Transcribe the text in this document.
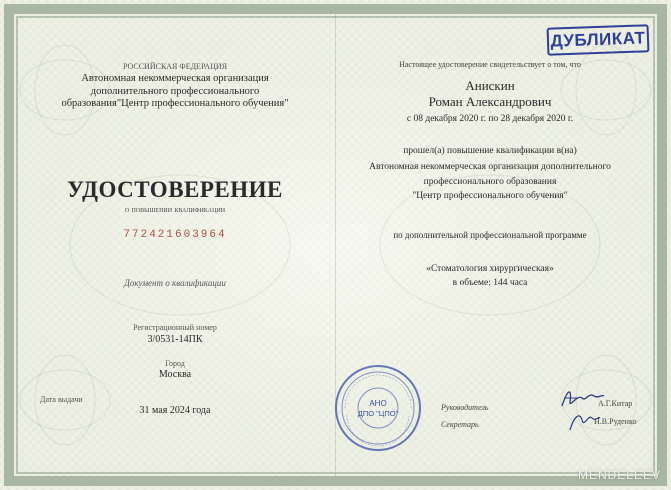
РОССИЙСКАЯ ФЕДЕРАЦИЯ
Автономная некоммерческая организация дополнительного профессионального образования"Центр профессионального обучения"
УДОСТОВЕРЕНИЕ
о повышении квалификации
772421603964
Документ о квалификации
Регистрационный номер
3/0531-14ПК
Город
Москва
Дата выдачи
31 мая 2024 года
ДУБЛИКАТ
Настоящее удостоверение свидетельствует о том, что
Анискин
Роман Александрович
с 08 декабря 2020 г. по 28 декабря 2020 г.
прошел(а) повышение квалификации в(на)
Автономная некоммерческая организация дополнительного
профессионального образования
"Центр профессионального обучения"
по дополнительной профессиональной программе
«Стоматология хирургическая»
в объеме: 144 часа
АНО
ДПО "ЦПО"
Руководитель
Секретарь
А.Г.Китар
Н.В.Руденко
MENDELEEV
